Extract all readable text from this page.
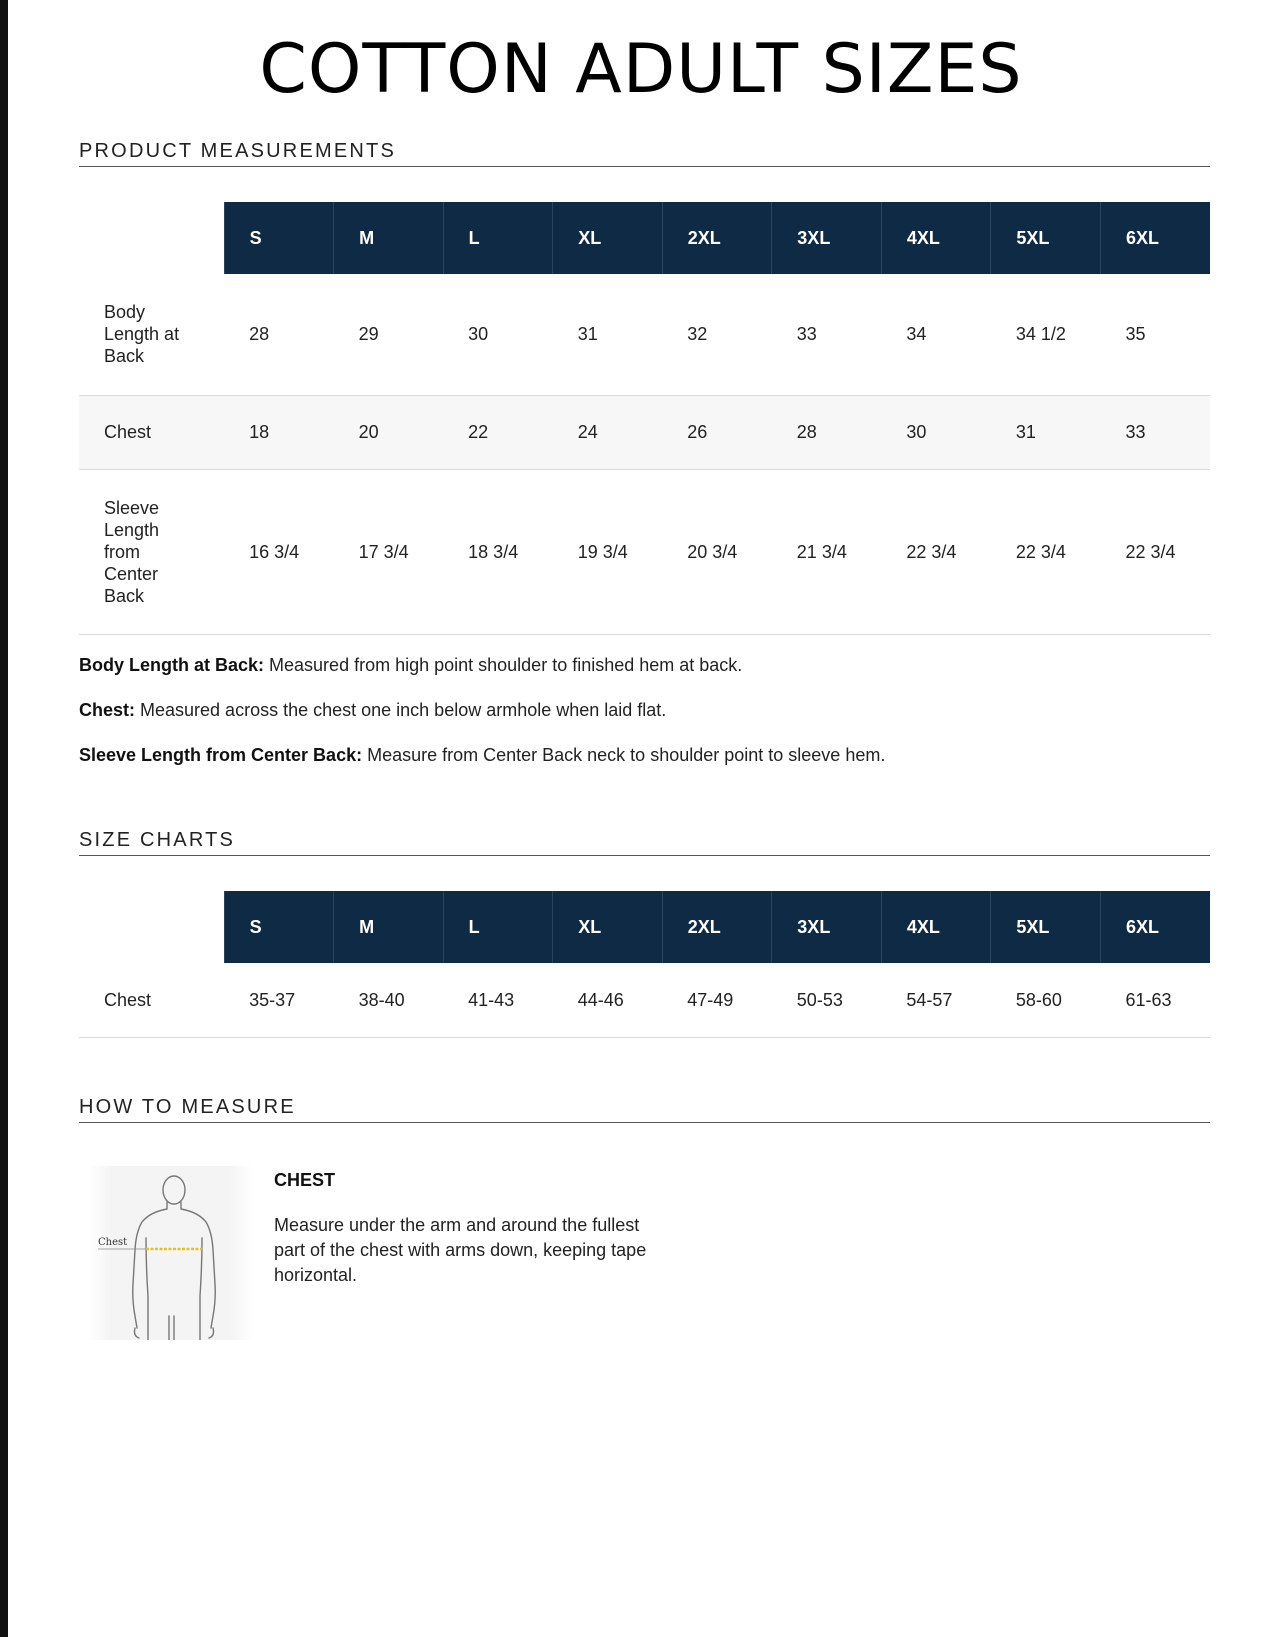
COTTON ADULT SIZES
PRODUCT MEASUREMENTS
	S	M	L	XL	2XL	3XL	4XL	5XL	6XL

Body Length at Back	28	29	30	31	32	33	34	34 1/2	35

Chest	18	20	22	24	26	28	30	31	33

Sleeve Length from Center Back	16 3/4	17 3/4	18 3/4	19 3/4	20 3/4	21 3/4	22 3/4	22 3/4	22 3/4

Body Length at Back: Measured from high point shoulder to finished hem at back.

Chest: Measured across the chest one inch below armhole when laid flat.

Sleeve Length from Center Back: Measure from Center Back neck to shoulder point to sleeve hem.

SIZE CHARTS
	S	M	L	XL	2XL	3XL	4XL	5XL	6XL
Chest	35-37	38-40	41-43	44-46	47-49	50-53	54-57	58-60	61-63
HOW TO MEASURE
Chest

CHEST

Measure under the arm and around the fullest part of the chest with arms down, keeping tape horizontal.
